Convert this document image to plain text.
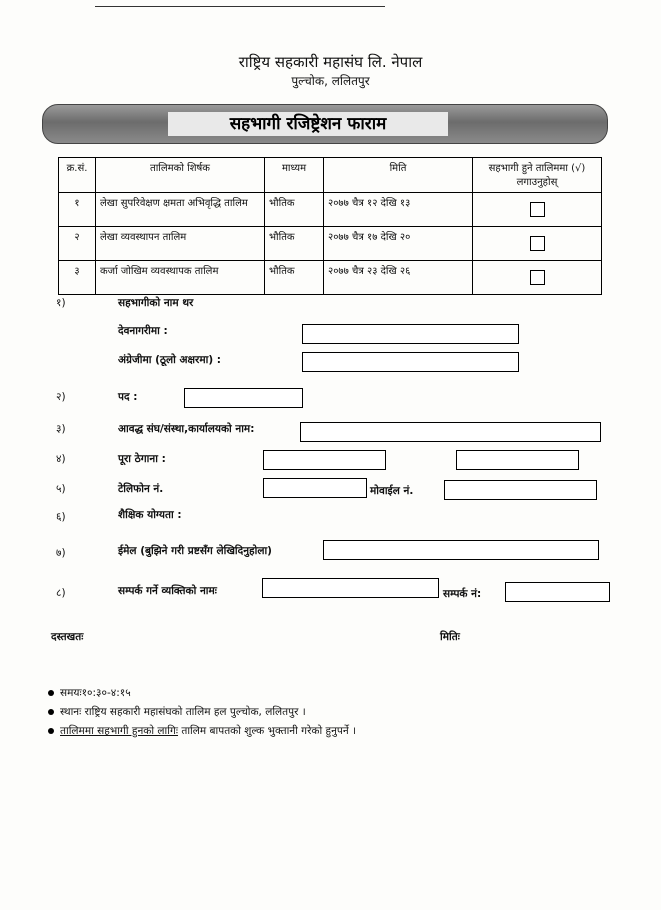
राष्ट्रिय सहकारी महासंघ लि. नेपाल
पुल्चोक, ललितपुर
सहभागी रजिष्ट्रेशन फाराम
क्र.सं.	तालिमको शिर्षक	माध्यम	मिति	सहभागी हुने तालिममा (√) लगाउनुहोस्
१	लेखा सुपरिवेक्षण क्षमता अभिवृद्धि तालिम	भौतिक	२०७७ चैत्र १२ देखि १३	
२	लेखा व्यवस्थापन तालिम	भौतिक	२०७७ चैत्र १७ देखि २०	
३	कर्जा जोखिम व्यवस्थापक तालिम	भौतिक	२०७७ चैत्र २३ देखि २६	
१)	सहभागीको नाम थर
देवनागरीमा :
अंग्रेजीमा (ठूलो अक्षरमा) :
२)	पद :
३)	आवद्ध संघ/संस्था,कार्यालयको नाम:
४)	पूरा ठेगाना :
५)	टेलिफोन नं.	मोवाईल नं.
६)	शैक्षिक योग्यता :
७)	ईमेल (बुझिने गरी प्रष्टसँग लेखिदिनुहोला)
८)	सम्पर्क गर्ने व्यक्तिको नामः	सम्पर्क नं:
दस्तखतः	मितिः
समयः१०:३०-४:१५
स्थानः राष्ट्रिय सहकारी महासंघको तालिम हल पुल्चोक, ललितपुर ।
तालिममा सहभागी हुनको लागिः तालिम बापतको शुल्क भुक्तानी गरेको हुनुपर्ने ।
